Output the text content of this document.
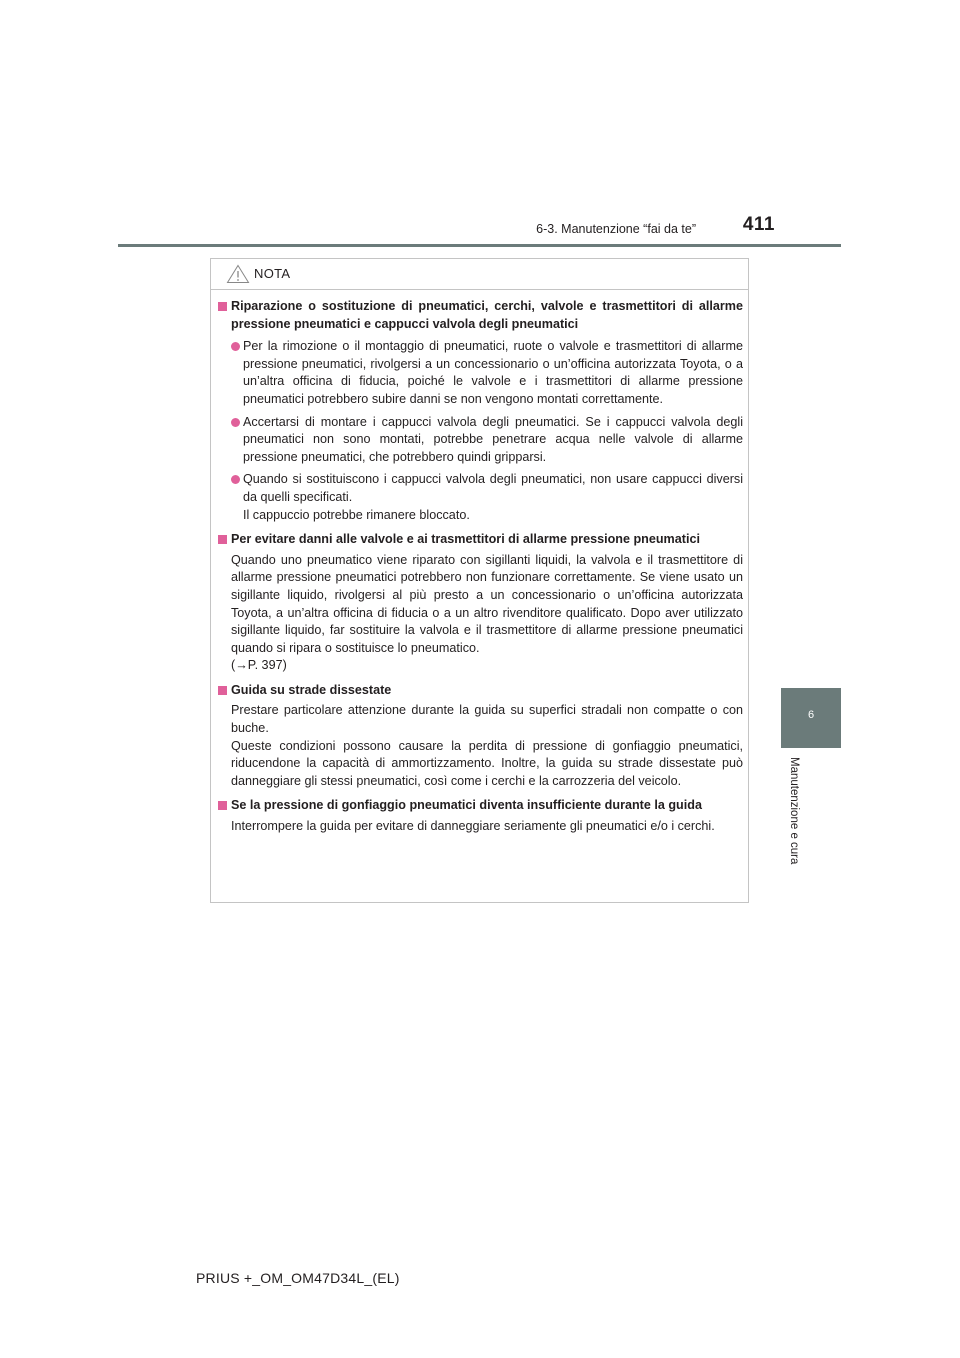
6-3. Manutenzione “fai da te”	411
6
Manutenzione e cura
NOTA
Riparazione o sostituzione di pneumatici, cerchi, valvole e trasmettitori di allarme pressione pneumatici e cappucci valvola degli pneumatici
Per la rimozione o il montaggio di pneumatici, ruote o valvole e trasmettitori di allarme pressione pneumatici, rivolgersi a un concessionario o un’officina autorizzata Toyota, o a un’altra officina di fiducia, poiché le valvole e i trasmettitori di allarme pressione pneumatici potrebbero subire danni se non vengono montati correttamente.
Accertarsi di montare i cappucci valvola degli pneumatici. Se i cappucci valvola degli pneumatici non sono montati, potrebbe penetrare acqua nelle valvole di allarme pressione pneumatici, che potrebbero quindi gripparsi.
Quando si sostituiscono i cappucci valvola degli pneumatici, non usare cappucci diversi da quelli specificati.
Il cappuccio potrebbe rimanere bloccato.
Per evitare danni alle valvole e ai trasmettitori di allarme pressione pneumatici
Quando uno pneumatico viene riparato con sigillanti liquidi, la valvola e il trasmettitore di allarme pressione pneumatici potrebbero non funzionare correttamente. Se viene usato un sigillante liquido, rivolgersi al più presto a un concessionario o un’officina autorizzata Toyota, a un’altra officina di fiducia o a un altro rivenditore qualificato. Dopo aver utilizzato sigillante liquido, far sostituire la valvola e il trasmettitore di allarme pressione pneumatici quando si ripara o sostituisce lo pneumatico.
(→P. 397)
Guida su strade dissestate
Prestare particolare attenzione durante la guida su superfici stradali non compatte o con buche.
Queste condizioni possono causare la perdita di pressione di gonfiaggio pneumatici, riducendone la capacità di ammortizzamento. Inoltre, la guida su strade dissestate può danneggiare gli stessi pneumatici, così come i cerchi e la carrozzeria del veicolo.
Se la pressione di gonfiaggio pneumatici diventa insufficiente durante la guida
Interrompere la guida per evitare di danneggiare seriamente gli pneumatici e/o i cerchi.
PRIUS +_OM_OM47D34L_(EL)
